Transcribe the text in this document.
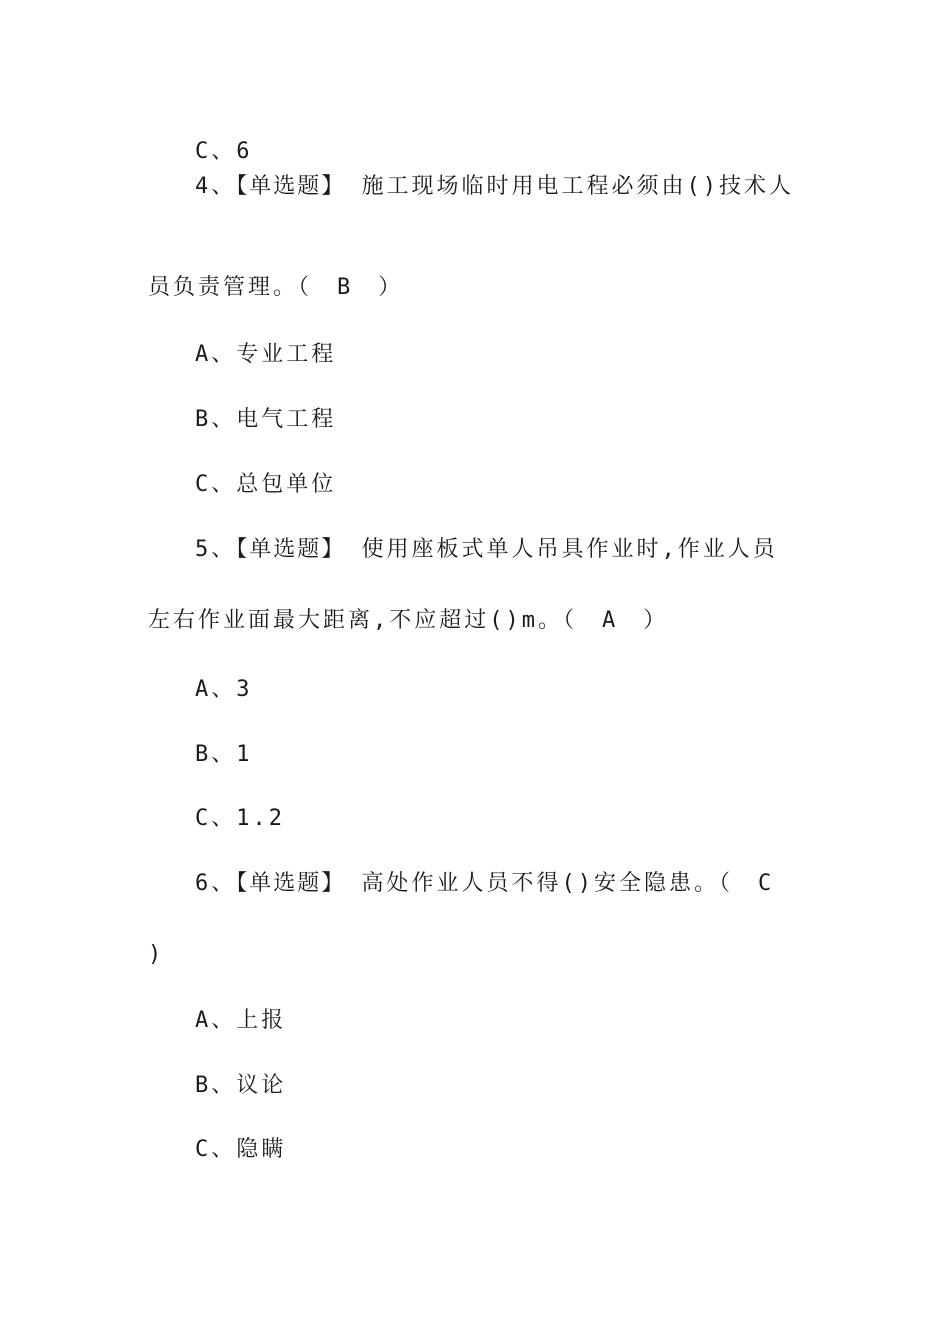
C、6
4、【单选题】 施工现场临时用电工程必须由()技术人
员负责管理。（　B　）
A、专业工程
B、电气工程
C、总包单位
5、【单选题】 使用座板式单人吊具作业时,作业人员
左右作业面最大距离,不应超过()m。（　A　）
A、3
B、1
C、1.2
6、【单选题】 高处作业人员不得()安全隐患。（　C
)
A、上报
B、议论
C、隐瞒
